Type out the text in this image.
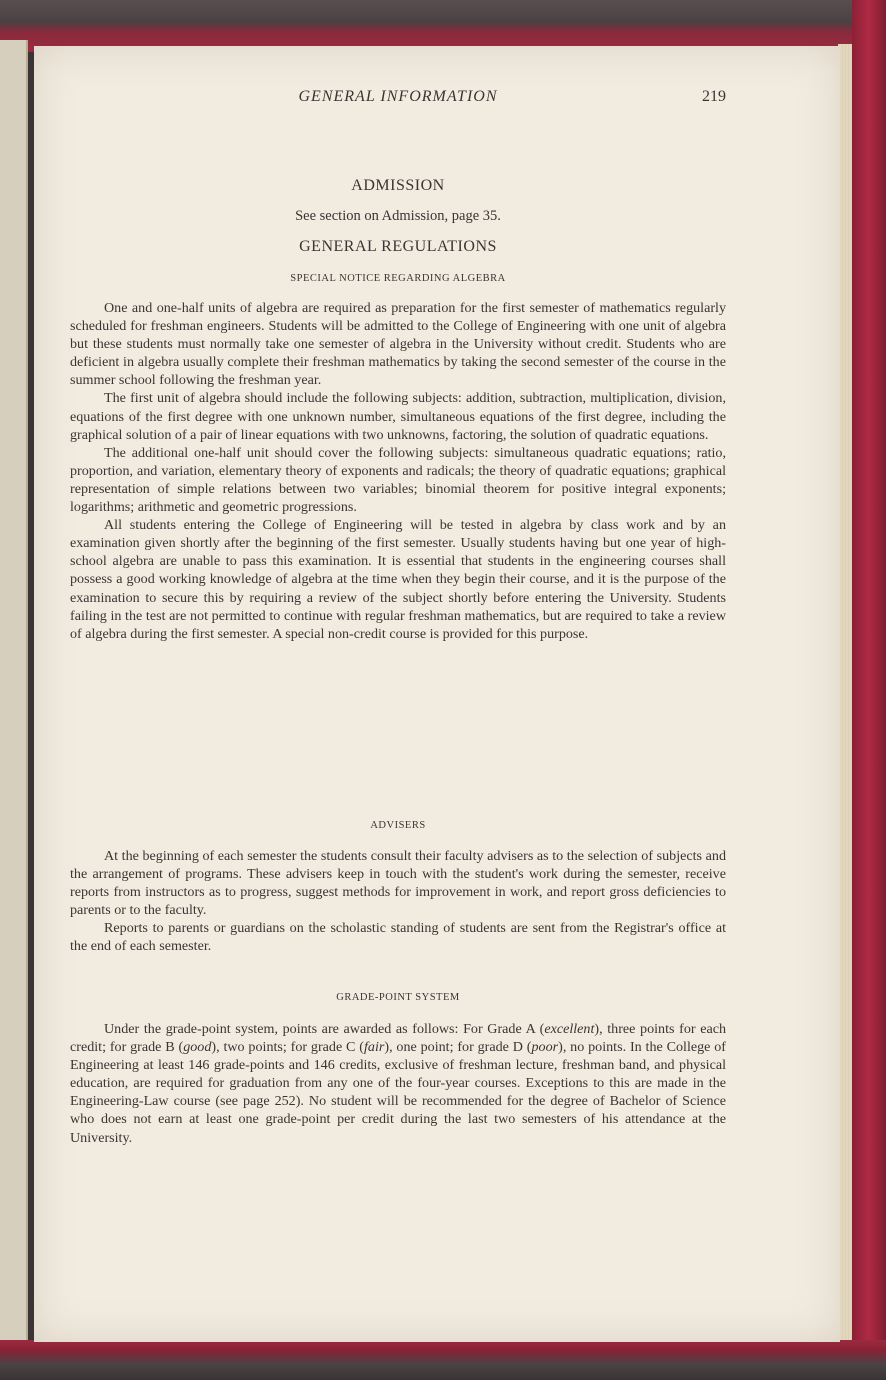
GENERAL INFORMATION	219
ADMISSION
See section on Admission, page 35.
GENERAL REGULATIONS
SPECIAL NOTICE REGARDING ALGEBRA

One and one-half units of algebra are required as preparation for the first semester of mathematics regularly scheduled for freshman engineers. Students will be admitted to the College of Engineering with one unit of algebra but these students must normally take one semester of algebra in the University without credit. Students who are deficient in algebra usually complete their freshman mathematics by taking the second semester of the course in the summer school following the freshman year.

The first unit of algebra should include the following subjects: addition, subtraction, multiplication, division, equations of the first degree with one unknown number, simultaneous equations of the first degree, including the graphical solution of a pair of linear equations with two unknowns, factoring, the solution of quadratic equations.

The additional one-half unit should cover the following subjects: simultaneous quadratic equations; ratio, proportion, and variation, elementary theory of exponents and radicals; the theory of quadratic equations; graphical representation of simple relations between two variables; binomial theorem for positive integral exponents; logarithms; arithmetic and geometric progressions.

All students entering the College of Engineering will be tested in algebra by class work and by an examination given shortly after the beginning of the first semester. Usually students having but one year of high-school algebra are unable to pass this examination. It is essential that students in the engineering courses shall possess a good working knowledge of algebra at the time when they begin their course, and it is the purpose of the examination to secure this by requiring a review of the subject shortly before entering the University. Students failing in the test are not permitted to continue with regular freshman mathematics, but are required to take a review of algebra during the first semester. A special non-credit course is provided for this purpose.

ADVISERS

At the beginning of each semester the students consult their faculty advisers as to the selection of subjects and the arrangement of programs. These advisers keep in touch with the student's work during the semester, receive reports from instructors as to progress, suggest methods for improvement in work, and report gross deficiencies to parents or to the faculty.

Reports to parents or guardians on the scholastic standing of students are sent from the Registrar's office at the end of each semester.

GRADE-POINT SYSTEM

Under the grade-point system, points are awarded as follows: For Grade A (excellent), three points for each credit; for grade B (good), two points; for grade C (fair), one point; for grade D (poor), no points. In the College of Engineering at least 146 grade-points and 146 credits, exclusive of freshman lecture, freshman band, and physical education, are required for graduation from any one of the four-year courses. Exceptions to this are made in the Engineering-Law course (see page 252). No student will be recommended for the degree of Bachelor of Science who does not earn at least one grade-point per credit during the last two semesters of his attendance at the University.
